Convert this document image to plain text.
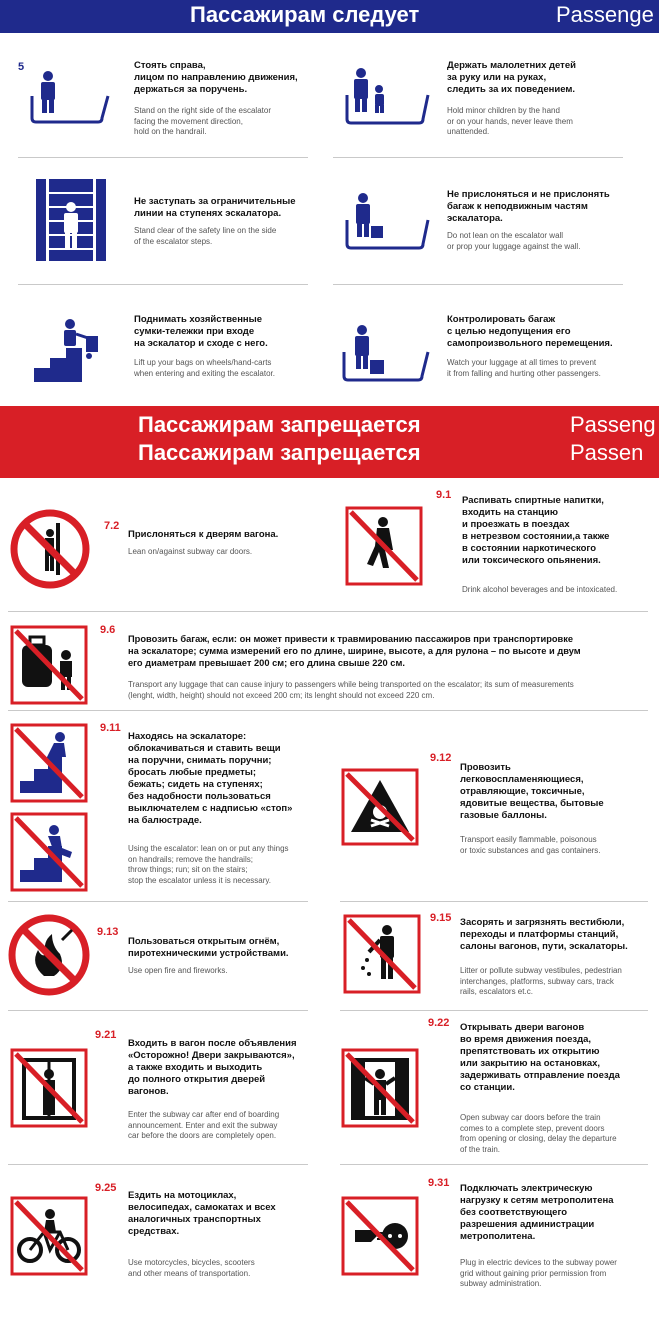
Пассажирам следует	Passenge
5	Стоять справа,
лицом по направлению движения,
держаться за поручень.
Stand on the right side of the escalator
facing the movement direction,
hold on the handrail.
Держать малолетних детей
за руку или на руках,
следить за их поведением.
Hold minor children by the hand
or on your hands, never leave them
unattended.
Не заступать за ограничительные
линии на ступенях эскалатора.
Stand clear of the safety line on the side
of the escalator steps.
Не прислоняться и не прислонять
багаж к неподвижным частям
эскалатора.
Do not lean on the escalator wall
or prop your luggage against the wall.
Поднимать хозяйственные
сумки-тележки при входе
на эскалатор и сходе с него.
Lift up your bags on wheels/hand-carts
when entering and exiting the escalator.
Контролировать багаж
с целью недопущения его
самопроизвольного перемещения.
Watch your luggage at all times to prevent
it from falling and hurting other passengers.
Пассажирам запрещается
Пассажирам запрещается
Passeng
Passen
7.2
Прислоняться к дверям вагона.
Lean on/against subway car doors.
9.1 Распивать спиртные напитки,
входить на станцию
и проезжать в поездах
в нетрезвом состоянии,а также
в состоянии наркотического
или токсического опьянения.
Drink alcohol beverages and be intoxicated.
9.6
Провозить багаж, если: он может привести к травмированию пассажиров при транспортировке
на эскалаторе; сумма измерений его по длине, ширине, высоте, а для рулона – по высоте и двум
его диаметрам превышает 200 см; его длина свыше 220 см.
Transport any luggage that can cause injury to passengers while being transported on the escalator; its sum of measurements
(lenght, width, height) should not exceed 200 cm; its lenght should not exceed 220 cm.
9.11
Находясь на эскалаторе:
облокачиваться и ставить вещи
на поручни, снимать поручни;
бросать любые предметы;
бежать; сидеть на ступенях;
без надобности пользоваться
выключателем с надписью «стоп»
на балюстраде.
Using the escalator: lean on or put any things
on handrails; remove the handrails;
throw things; run; sit on the stairs;
stop the escalator unless it is necessary.
9.12
Провозить
легковоспламеняющиеся,
отравляющие, токсичные,
ядовитые вещества, бытовые
газовые баллоны.
Transport easily flammable, poisonous
or toxic substances and gas containers.
9.13
Пользоваться открытым огнём,
пиротехническими устройствами.
Use open fire and fireworks.
9.15 Засорять и загрязнять вестибюли,
переходы и платформы станций,
салоны вагонов, пути, эскалаторы.
Litter or pollute subway vestibules, pedestrian
interchanges, platforms, subway cars, track
rails, escalators et.c.
9.21
Входить в вагон после объявления
«Осторожно! Двери закрываются»,
а также входить и выходить
до полного открытия дверей
вагонов.
Enter the subway car after end of boarding
announcement. Enter and exit the subway
car before the doors are completely open.
9.22 Открывать двери вагонов
во время движения поезда,
препятствовать их открытию
или закрытию на остановках,
задерживать отправление поезда
со станции.
Open subway car doors before the train
comes to a complete step, prevent doors
from opening or closing, delay the departure
of the train.
9.25
Ездить на мотоциклах,
велосипедах, самокатах и всех
аналогичных транспортных
средствах.
Use motorcycles, bicycles, scooters
and other means of transportation.
9.31 Подключать электрическую
нагрузку к сетям метрополитена
без соответствующего
разрешения администрации
метрополитена.
Plug in electric devices to the subway power
grid without gaining prior permission from
subway administration.
